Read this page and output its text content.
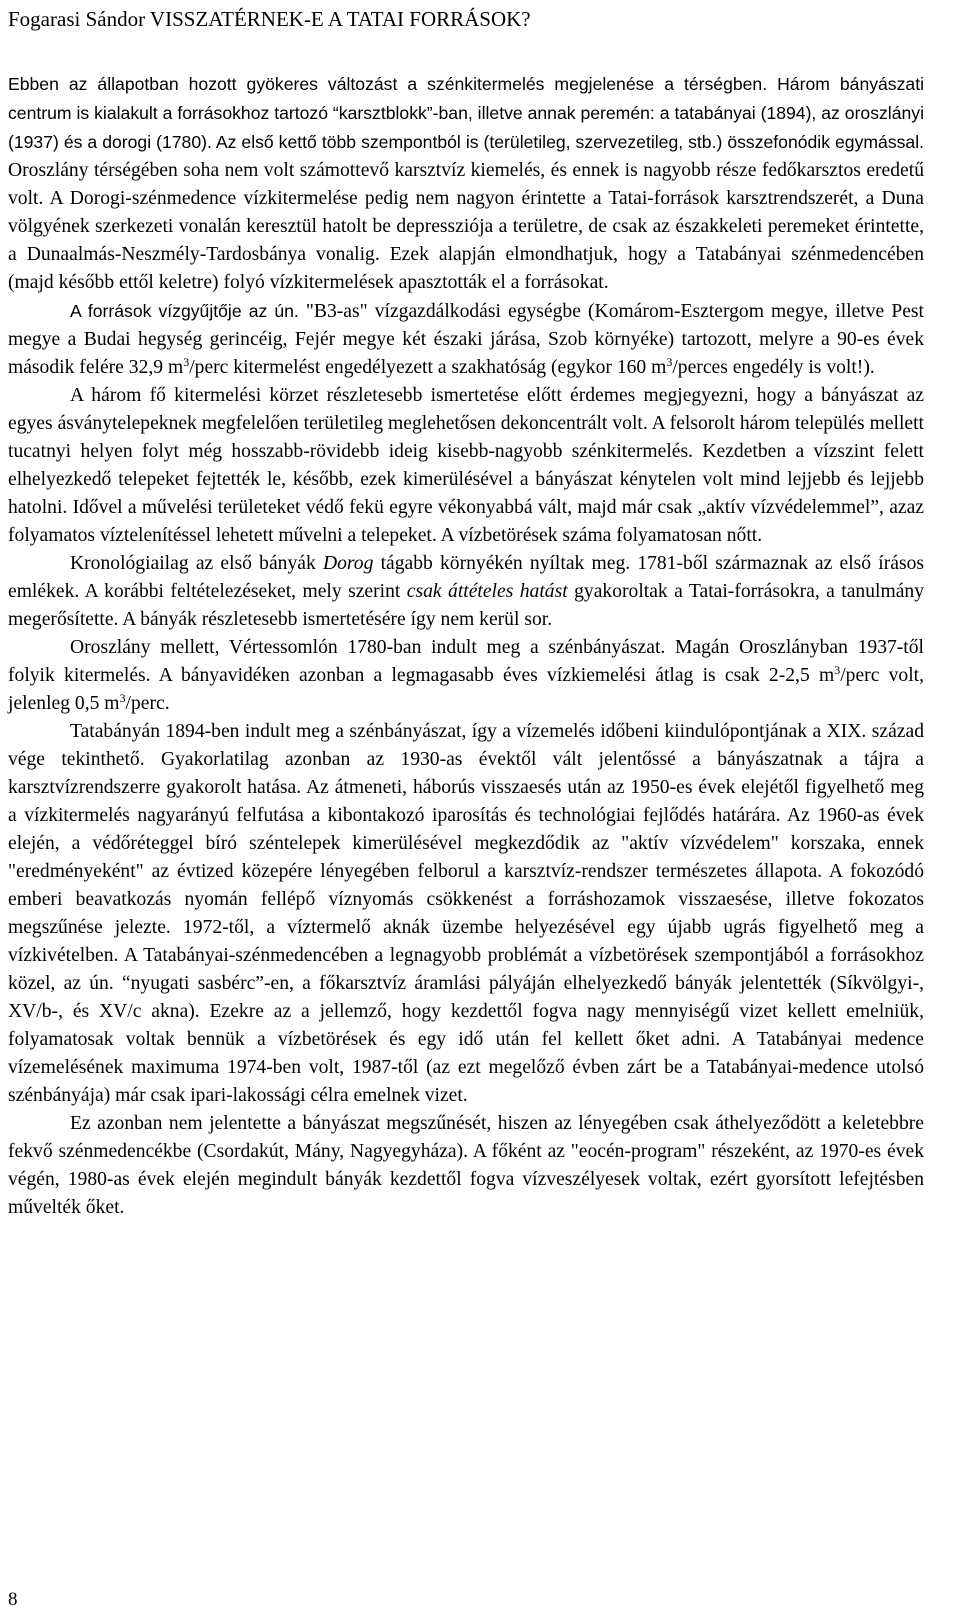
Fogarasi Sándor VISSZATÉRNEK-E A TATAI FORRÁSOK?

Ebben az állapotban hozott gyökeres változást a szénkitermelés megjelenése a térségben. Három bányászati centrum is kialakult a forrásokhoz tartozó “karsztblokk”-ban, illetve annak peremén: a tatabányai (1894), az oroszlányi (1937) és a dorogi (1780). Az első kettő több szempontból is (területileg, szervezetileg, stb.) összefonódik egymással. Oroszlány térségében soha nem volt számottevő karsztvíz kiemelés, és ennek is nagyobb része fedőkarsztos eredetű volt. A Dorogi-szénmedence vízkitermelése pedig nem nagyon érintette a Tatai-források karsztrendszerét, a Duna völgyének szerkezeti vonalán keresztül hatolt be depressziója a területre, de csak az északkeleti peremeket érintette, a Dunaalmás-Neszmély-Tardosbánya vonalig. Ezek alapján elmondhatjuk, hogy a Tatabányai szénmedencében (majd később ettől keletre) folyó vízkitermelések apasztották el a forrásokat.

A források vízgyűjtője az ún. "B3-as" vízgazdálkodási egységbe (Komárom-Esztergom megye, illetve Pest megye a Budai hegység gerincéig, Fejér megye két északi járása, Szob környéke) tartozott, melyre a 90-es évek második felére 32,9 $m^3$/perc kitermelést engedélyezett a szakhatóság (egykor 160 $m^3$/perces engedély is volt!).

A három fő kitermelési körzet részletesebb ismertetése előtt érdemes megjegyezni, hogy a bányászat az egyes ásványtelepeknek megfelelően területileg meglehetősen dekoncentrált volt. A felsorolt három település mellett tucatnyi helyen folyt még hosszabb-rövidebb ideig kisebb-nagyobb szénkitermelés. Kezdetben a vízszint felett elhelyezkedő telepeket fejtették le, később, ezek kimerülésével a bányászat kénytelen volt mind lejjebb és lejjebb hatolni. Idővel a művelési területeket védő fekü egyre vékonyabbá vált, majd már csak „aktív vízvédelemmel”, azaz folyamatos víztelenítéssel lehetett művelni a telepeket. A vízbetörések száma folyamatosan nőtt.

Kronológiailag az első bányák Dorog tágabb környékén nyíltak meg. 1781-ből származnak az első írásos emlékek. A korábbi feltételezéseket, mely szerint csak áttételes hatást gyakoroltak a Tatai-forrásokra, a tanulmány megerősítette. A bányák részletesebb ismertetésére így nem kerül sor.

Oroszlány mellett, Vértessomlón 1780-ban indult meg a szénbányászat. Magán Oroszlányban 1937-től folyik kitermelés. A bányavidéken azonban a legmagasabb éves vízkiemelési átlag is csak 2-2,5 $m^3$/perc volt, jelenleg 0,5 $m^3$/perc.

Tatabányán 1894-ben indult meg a szénbányászat, így a vízemelés időbeni kiindulópontjának a XIX. század vége tekinthető. Gyakorlatilag azonban az 1930-as évektől vált jelentőssé a bányászatnak a tájra a karsztvízrendszerre gyakorolt hatása. Az átmeneti, háborús visszaesés után az 1950-es évek elejétől figyelhető meg a vízkitermelés nagyarányú felfutása a kibontakozó iparosítás és technológiai fejlődés határára. Az 1960-as évek elején, a védőréteggel bíró széntelepek kimerülésével megkezdődik az "aktív vízvédelem" korszaka, ennek "eredményeként" az évtized közepére lényegében felborul a karsztvíz-rendszer természetes állapota. A fokozódó emberi beavatkozás nyomán fellépő víznyomás csökkenést a forráshozamok visszaesése, illetve fokozatos megszűnése jelezte. 1972-től, a víztermelő aknák üzembe helyezésével egy újabb ugrás figyelhető meg a vízkivételben. A Tatabányai-szénmedencében a legnagyobb problémát a vízbetörések szempontjából a forrásokhoz közel, az ún. “nyugati sasbérc”-en, a főkarsztvíz áramlási pályáján elhelyezkedő bányák jelentették (Síkvölgyi-, XV/b-, és XV/c akna). Ezekre az a jellemző, hogy kezdettől fogva nagy mennyiségű vizet kellett emelniük, folyamatosak voltak bennük a vízbetörések és egy idő után fel kellett őket adni. A Tatabányai medence vízemelésének maximuma 1974-ben volt, 1987-től (az ezt megelőző évben zárt be a Tatabányai-medence utolsó szénbányája) már csak ipari-lakossági célra emelnek vizet.

Ez azonban nem jelentette a bányászat megszűnését, hiszen az lényegében csak áthelyeződött a keletebbre fekvő szénmedencékbe (Csordakút, Mány, Nagyegyháza). A főként az "eocén-program" részeként, az 1970-es évek végén, 1980-as évek elején megindult bányák kezdettől fogva vízveszélyesek voltak, ezért gyorsított lefejtésben művelték őket.

8
